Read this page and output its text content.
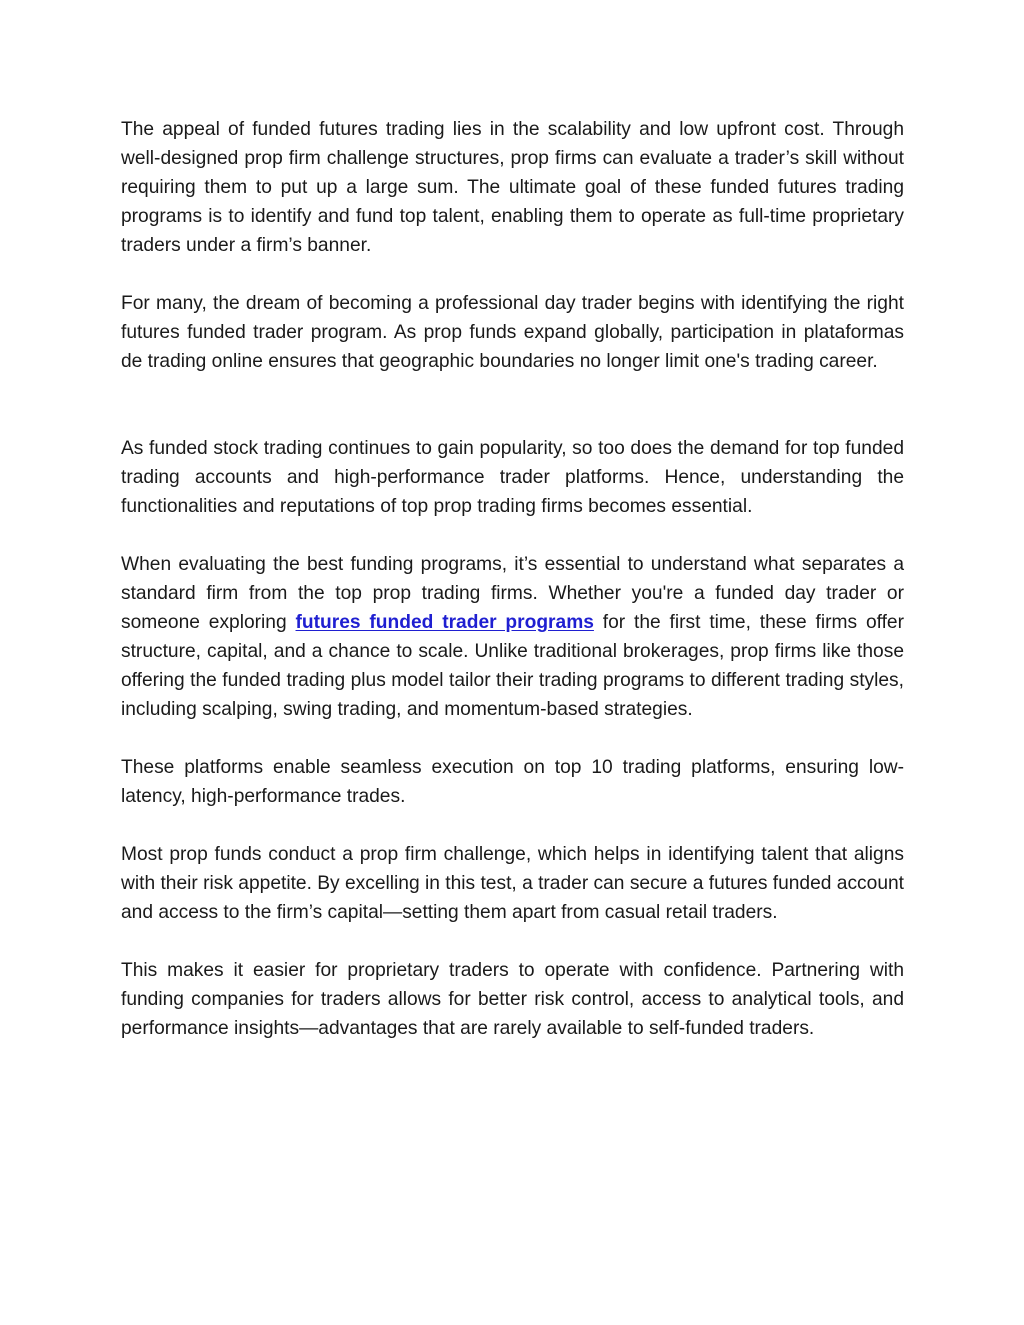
The appeal of funded futures trading lies in the scalability and low upfront cost. Through well-designed prop firm challenge structures, prop firms can evaluate a trader’s skill without requiring them to put up a large sum. The ultimate goal of these funded futures trading programs is to identify and fund top talent, enabling them to operate as full-time proprietary traders under a firm’s banner.

For many, the dream of becoming a professional day trader begins with identifying the right futures funded trader program. As prop funds expand globally, participation in plataformas de trading online ensures that geographic boundaries no longer limit one's trading career.

As funded stock trading continues to gain popularity, so too does the demand for top funded trading accounts and high-performance trader platforms. Hence, understanding the functionalities and reputations of top prop trading firms becomes essential.

When evaluating the best funding programs, it’s essential to understand what separates a standard firm from the top prop trading firms. Whether you're a funded day trader or someone exploring futures funded trader programs for the first time, these firms offer structure, capital, and a chance to scale. Unlike traditional brokerages, prop firms like those offering the funded trading plus model tailor their trading programs to different trading styles, including scalping, swing trading, and momentum-based strategies.

These platforms enable seamless execution on top 10 trading platforms, ensuring low-latency, high-performance trades.

Most prop funds conduct a prop firm challenge, which helps in identifying talent that aligns with their risk appetite. By excelling in this test, a trader can secure a futures funded account and access to the firm’s capital—setting them apart from casual retail traders.

This makes it easier for proprietary traders to operate with confidence. Partnering with funding companies for traders allows for better risk control, access to analytical tools, and performance insights—advantages that are rarely available to self-funded traders.
